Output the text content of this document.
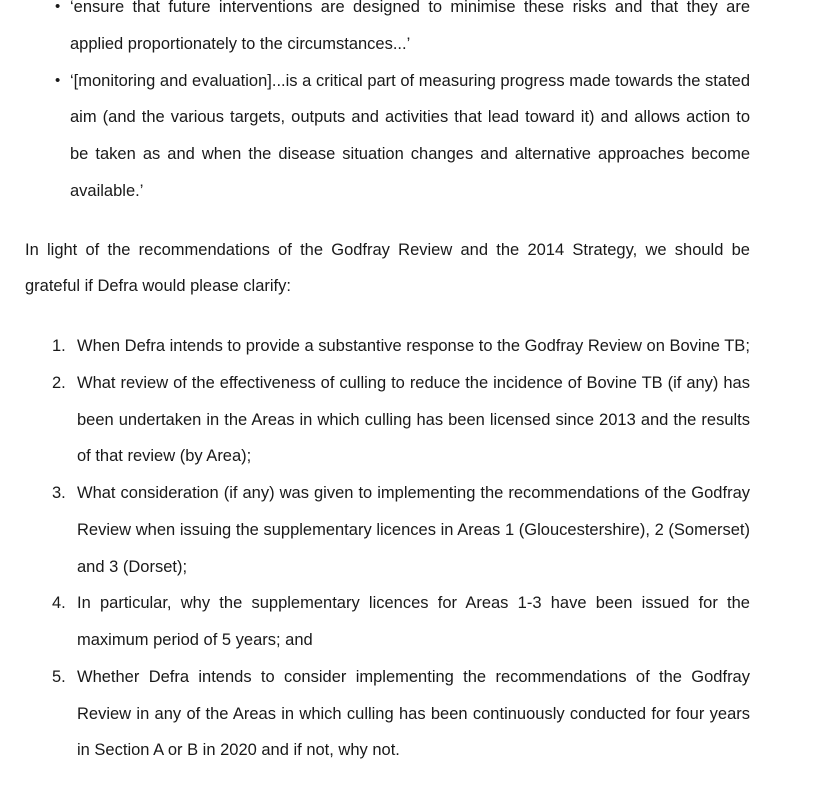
• ‘ensure that future interventions are designed to minimise these risks and that they are applied proportionately to the circumstances...’
• ‘[monitoring and evaluation]...is a critical part of measuring progress made towards the stated aim (and the various targets, outputs and activities that lead toward it) and allows action to be taken as and when the disease situation changes and alternative approaches become available.’

In light of the recommendations of the Godfray Review and the 2014 Strategy, we should be grateful if Defra would please clarify:

1. When Defra intends to provide a substantive response to the Godfray Review on Bovine TB;
2. What review of the effectiveness of culling to reduce the incidence of Bovine TB (if any) has been undertaken in the Areas in which culling has been licensed since 2013 and the results of that review (by Area);
3. What consideration (if any) was given to implementing the recommendations of the Godfray Review when issuing the supplementary licences in Areas 1 (Gloucestershire), 2 (Somerset) and 3 (Dorset);
4. In particular, why the supplementary licences for Areas 1-3 have been issued for the maximum period of 5 years; and
5. Whether Defra intends to consider implementing the recommendations of the Godfray Review in any of the Areas in which culling has been continuously conducted for four years in Section A or B in 2020 and if not, why not.
